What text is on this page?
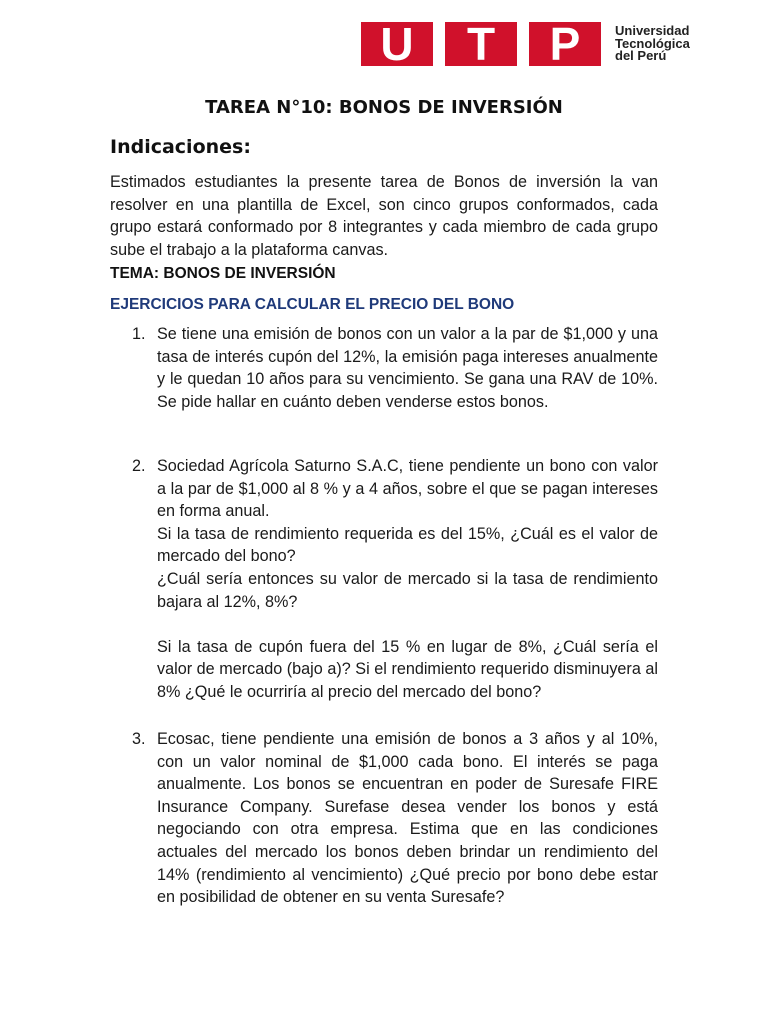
U	T	P	Universidad
Tecnológica
del Perú
TAREA N°10: BONOS DE INVERSIÓN
Indicaciones:
Estimados estudiantes la presente tarea de Bonos de inversión la van resolver en una plantilla de Excel, son cinco grupos conformados, cada grupo estará conformado por 8 integrantes y cada miembro de cada grupo sube el trabajo a la plataforma canvas.
TEMA: BONOS DE INVERSIÓN
EJERCICIOS PARA CALCULAR EL PRECIO DEL BONO
1. Se tiene una emisión de bonos con un valor a la par de $1,000 y una tasa de interés cupón del 12%, la emisión paga intereses anualmente y le quedan 10 años para su vencimiento. Se gana una RAV de 10%. Se pide hallar en cuánto deben venderse estos bonos.

2. Sociedad Agrícola Saturno S.A.C, tiene pendiente un bono con valor a la par de $1,000 al 8 % y a 4 años, sobre el que se pagan intereses en forma anual.

Si la tasa de rendimiento requerida es del 15%, ¿Cuál es el valor de mercado del bono?

¿Cuál sería entonces su valor de mercado si la tasa de rendimiento bajara al 12%, 8%?

Si la tasa de cupón fuera del 15 % en lugar de 8%, ¿Cuál sería el valor de mercado (bajo a)? Si el rendimiento requerido disminuyera al 8% ¿Qué le ocurriría al precio del mercado del bono?

3. Ecosac, tiene pendiente una emisión de bonos a 3 años y al 10%, con un valor nominal de $1,000 cada bono. El interés se paga anualmente. Los bonos se encuentran en poder de Suresafe FIRE Insurance Company. Surefase desea vender los bonos y está negociando con otra empresa. Estima que en las condiciones actuales del mercado los bonos deben brindar un rendimiento del 14% (rendimiento al vencimiento) ¿Qué precio por bono debe estar en posibilidad de obtener en su venta Suresafe?
